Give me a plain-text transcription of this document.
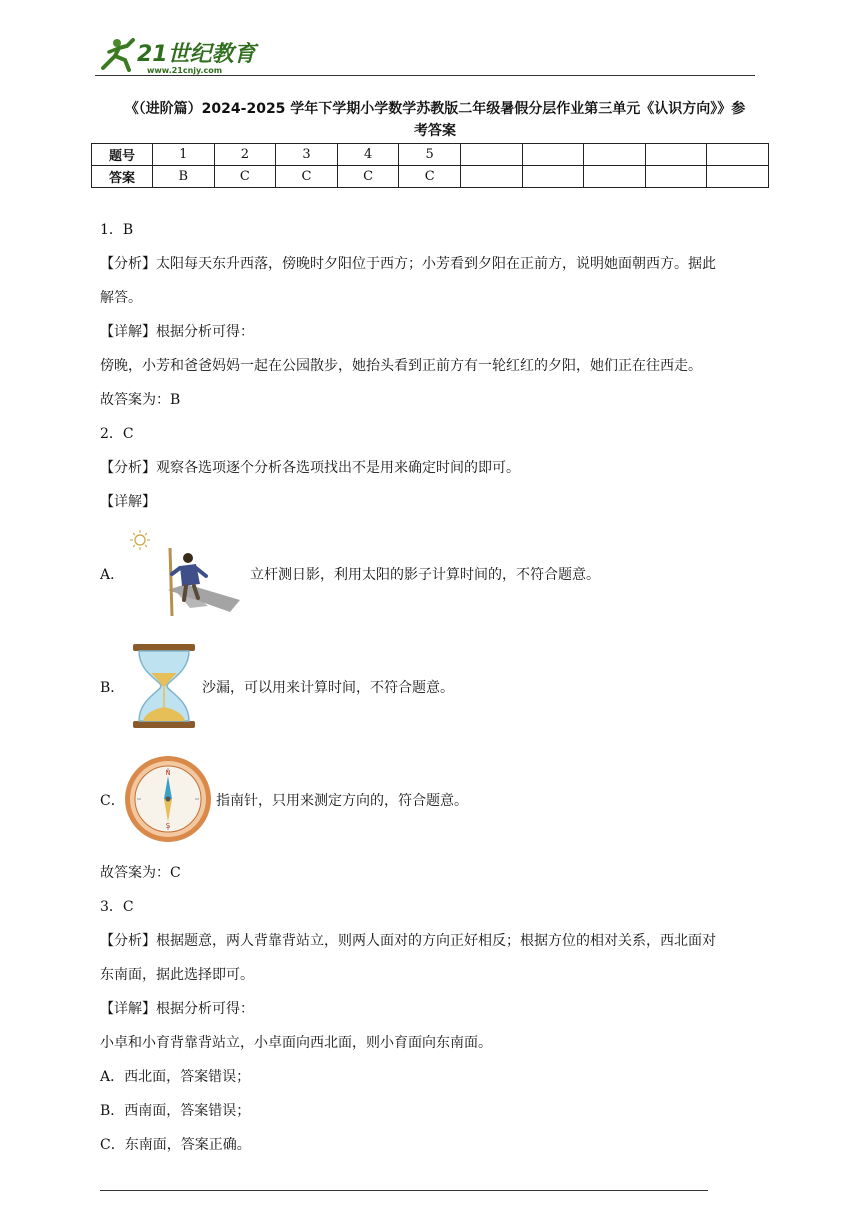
21世纪教育
www.21cnjy.com
《（进阶篇）2024-2025 学年下学期小学数学苏教版二年级暑假分层作业第三单元《认识方向》》参
考答案
题号	1	2	3	4	5					
答案	B	C	C	C	C					
1．B
【分析】太阳每天东升西落，傍晚时夕阳位于西方；小芳看到夕阳在正前方，说明她面朝西方。据此
解答。
【详解】根据分析可得：
傍晚，小芳和爸爸妈妈一起在公园散步，她抬头看到正前方有一轮红红的夕阳，她们正在往西走。
故答案为：B
2．C
【分析】观察各选项逐个分析各选项找出不是用来确定时间的即可。
【详解】
A．	立杆测日影，利用太阳的影子计算时间的，不符合题意。
B．	沙漏，可以用来计算时间，不符合题意。
C．
N
S
指南针，只用来测定方向的，符合题意。
故答案为：C
3．C
【分析】根据题意，两人背靠背站立，则两人面对的方向正好相反；根据方位的相对关系，西北面对
东南面，据此选择即可。
【详解】根据分析可得：
小卓和小育背靠背站立，小卓面向西北面，则小育面向东南面。
A．西北面，答案错误；
B．西南面，答案错误；
C．东南面，答案正确。
